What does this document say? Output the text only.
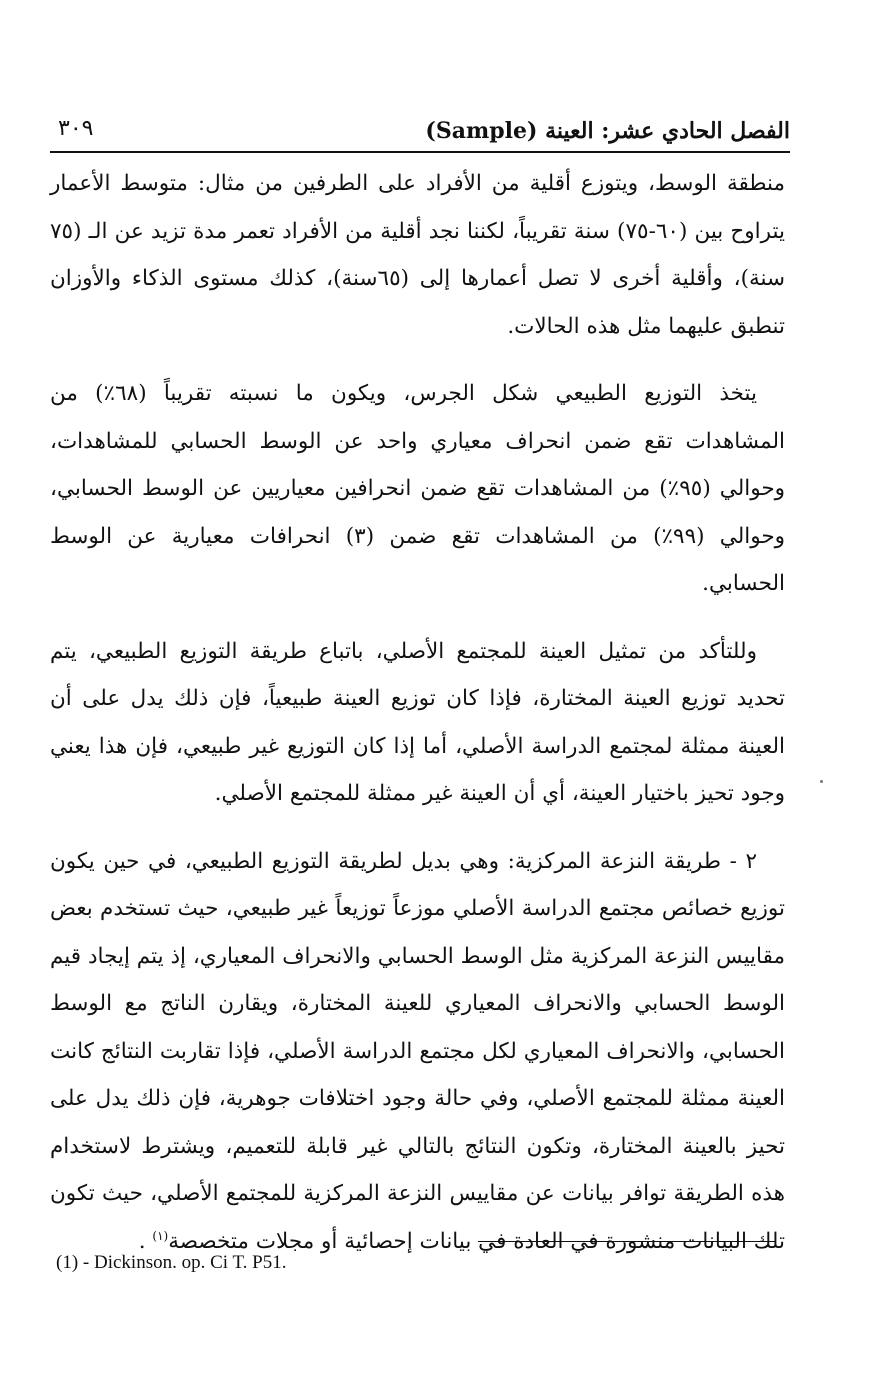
الفصل الحادي عشر: العينة (Sample)
٣٠٩

منطقة الوسط، ويتوزع أقلية من الأفراد على الطرفين من مثال: متوسط الأعمار يتراوح بين (٦٠-٧٥) سنة تقريباً، لكننا نجد أقلية من الأفراد تعمر مدة تزيد عن الـ (٧٥ سنة)، وأقلية أخرى لا تصل أعمارها إلى (٦٥سنة)، كذلك مستوى الذكاء والأوزان تنطبق عليهما مثل هذه الحالات.

يتخذ التوزيع الطبيعي شكل الجرس، ويكون ما نسبته تقريباً (٦٨٪) من المشاهدات تقع ضمن انحراف معياري واحد عن الوسط الحسابي للمشاهدات، وحوالي (٩٥٪) من المشاهدات تقع ضمن انحرافين معياريين عن الوسط الحسابي، وحوالي (٩٩٪) من المشاهدات تقع ضمن (٣) انحرافات معيارية عن الوسط الحسابي.

وللتأكد من تمثيل العينة للمجتمع الأصلي، باتباع طريقة التوزيع الطبيعي، يتم تحديد توزيع العينة المختارة، فإذا كان توزيع العينة طبيعياً، فإن ذلك يدل على أن العينة ممثلة لمجتمع الدراسة الأصلي، أما إذا كان التوزيع غير طبيعي، فإن هذا يعني وجود تحيز باختيار العينة، أي أن العينة غير ممثلة للمجتمع الأصلي.

٢ - طريقة النزعة المركزية: وهي بديل لطريقة التوزيع الطبيعي، في حين يكون توزيع خصائص مجتمع الدراسة الأصلي موزعاً توزيعاً غير طبيعي، حيث تستخدم بعض مقاييس النزعة المركزية مثل الوسط الحسابي والانحراف المعياري، إذ يتم إيجاد قيم الوسط الحسابي والانحراف المعياري للعينة المختارة، ويقارن الناتج مع الوسط الحسابي، والانحراف المعياري لكل مجتمع الدراسة الأصلي، فإذا تقاربت النتائج كانت العينة ممثلة للمجتمع الأصلي، وفي حالة وجود اختلافات جوهرية، فإن ذلك يدل على تحيز بالعينة المختارة، وتكون النتائج بالتالي غير قابلة للتعميم، ويشترط لاستخدام هذه الطريقة توافر بيانات عن مقاييس النزعة المركزية للمجتمع الأصلي، حيث تكون تلك البيانات منشورة في العادة في بيانات إحصائية أو مجلات متخصصة$^{(١)}$ .

(1) - Dickinson. op. Ci T. P51.
